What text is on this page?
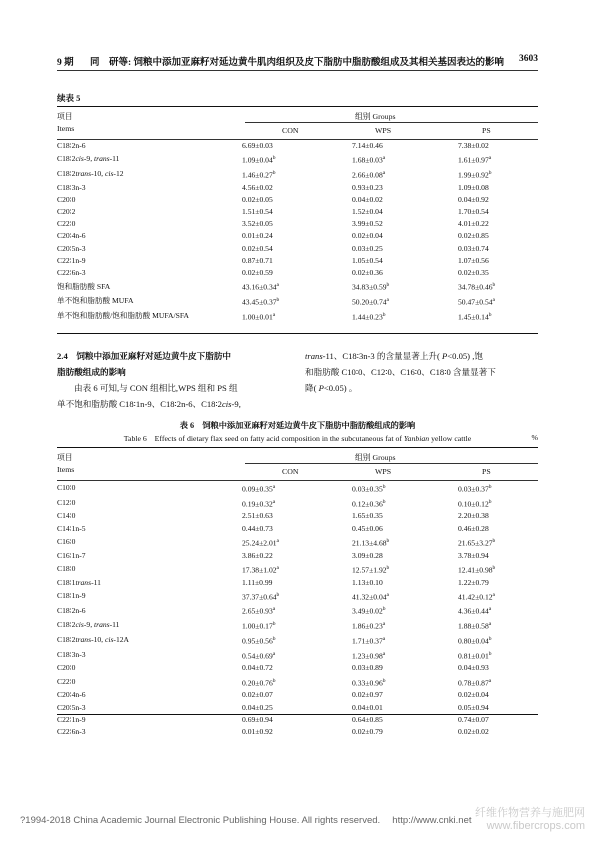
9 期 同　研等: 饲粮中添加亚麻籽对延边黄牛肌肉组织及皮下脂肪中脂肪酸组成及其相关基因表达的影响 3603
续表 5
项目
Items
组别 Groups
CON	WPS	PS
C18∶2n-6	6.69±0.03	7.14±0.46	7.38±0.02
C18∶2cis-9, trans-11	1.09±0.04$^b$	1.68±0.03$^a$	1.61±0.97$^a$
C18∶2trans-10, cis-12	1.46±0.27$^b$	2.66±0.08$^a$	1.99±0.92$^b$
C18∶3n-3	4.56±0.02	0.93±0.23	1.09±0.08
C20∶0	0.02±0.05	0.04±0.02	0.04±0.92
C20∶2	1.51±0.54	1.52±0.04	1.70±0.54
C22∶0	3.52±0.05	3.99±0.52	4.01±0.22
C20∶4n-6	0.01±0.24	0.02±0.04	0.02±0.85
C20∶5n-3	0.02±0.54	0.03±0.25	0.03±0.74
C22∶1n-9	0.87±0.71	1.05±0.54	1.07±0.56
C22∶6n-3	0.02±0.59	0.02±0.36	0.02±0.35
饱和脂肪酸 SFA	43.16±0.34$^a$	34.83±0.59$^b$	34.78±0.46$^b$
单不饱和脂肪酸 MUFA	43.45±0.37$^b$	50.20±0.74$^a$	50.47±0.54$^a$
单不饱和脂肪酸/饱和脂肪酸 MUFA/SFA	1.00±0.01$^a$	1.44±0.23$^b$	1.45±0.14$^b$
2.4　饲粮中添加亚麻籽对延边黄牛皮下脂肪中
脂肪酸组成的影响
由表 6 可知,与 CON 组相比,WPS 组和 PS 组
单不饱和脂肪酸 C18∶1n-9、C18∶2n-6、C18∶2cis-9,
trans-11、C18∶3n-3 的含量显著上升( P<0.05) ,饱
和脂肪酸 C10∶0、C12∶0、C16∶0、C18∶0 含量显著下
降( P<0.05) 。
表 6　饲粮中添加亚麻籽对延边黄牛皮下脂肪中脂肪酸组成的影响
Table 6　Effects of dietary flax seed on fatty acid composition in the subcutaneous fat of Yanbian yellow cattle	%
项目
Items
组别 Groups
CON	WPS	PS
C10∶0	0.09±0.35$^a$	0.03±0.35$^b$	0.03±0.37$^b$
C12∶0	0.19±0.32$^a$	0.12±0.36$^b$	0.10±0.12$^b$
C14∶0	2.51±0.63	1.65±0.35	2.20±0.38
C14∶1n-5	0.44±0.73	0.45±0.06	0.46±0.28
C16∶0	25.24±2.01$^a$	21.13±4.68$^b$	21.65±3.27$^b$
C16∶1n-7	3.86±0.22	3.09±0.28	3.78±0.94
C18∶0	17.38±1.02$^a$	12.57±1.92$^b$	12.41±0.98$^b$
C18∶1trans-11	1.11±0.99	1.13±0.10	1.22±0.79
C18∶1n-9	37.37±0.64$^b$	41.32±0.04$^a$	41.42±0.12$^a$
C18∶2n-6	2.65±0.93$^a$	3.49±0.02$^b$	4.36±0.44$^a$
C18∶2cis-9, trans-11	1.00±0.17$^b$	1.86±0.23$^a$	1.88±0.58$^a$
C18∶2trans-10, cis-12A	0.95±0.56$^b$	1.71±0.37$^a$	0.80±0.04$^b$
C18∶3n-3	0.54±0.69$^a$	1.23±0.98$^a$	0.81±0.01$^b$
C20∶0	0.04±0.72	0.03±0.89	0.04±0.93
C22∶0	0.20±0.76$^b$	0.33±0.96$^b$	0.78±0.87$^a$
C20∶4n-6	0.02±0.07	0.02±0.97	0.02±0.04
C20∶5n-3	0.04±0.25	0.04±0.01	0.05±0.94
C22∶1n-9	0.69±0.94	0.64±0.85	0.74±0.07
C22∶6n-3	0.01±0.92	0.02±0.79	0.02±0.02
?1994-2018 China Academic Journal Electronic Publishing House. All rights reserved.　 http://www.cnki.net
纤维作物营养与施肥网
www.fibercrops.com
